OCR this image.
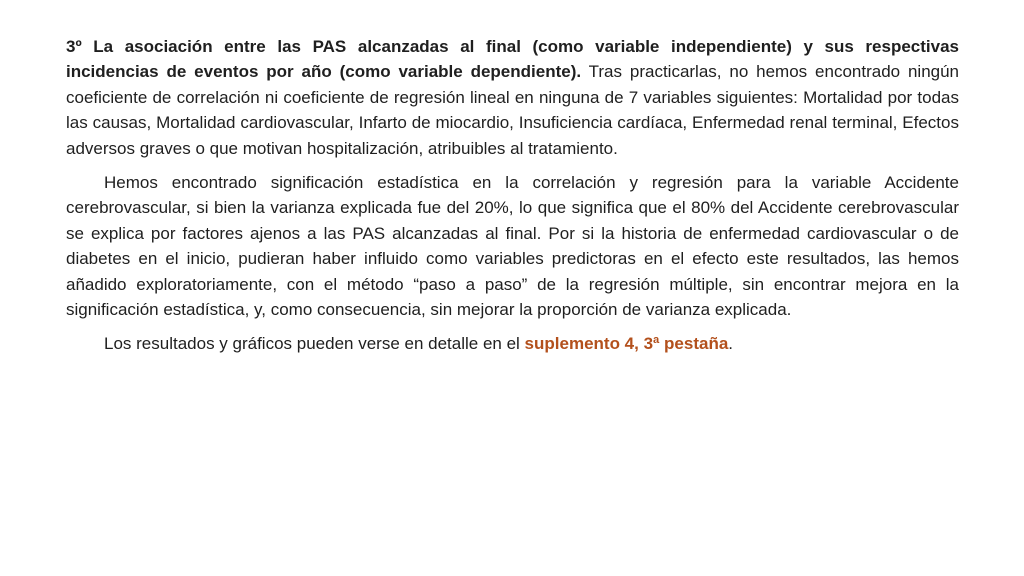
3º La asociación entre las PAS alcanzadas al final (como variable independiente) y sus respectivas incidencias de eventos por año (como variable dependiente). Tras practicarlas, no hemos encontrado ningún coeficiente de correlación ni coeficiente de regresión lineal en ninguna de 7 variables siguientes: Mortalidad por todas las causas, Mortalidad cardiovascular, Infarto de miocardio, Insuficiencia cardíaca, Enfermedad renal terminal, Efectos adversos graves o que motivan hospitalización, atribuibles al tratamiento.

Hemos encontrado significación estadística en la correlación y regresión para la variable Accidente cerebrovascular, si bien la varianza explicada fue del 20%, lo que significa que el 80% del Accidente cerebrovascular se explica por factores ajenos a las PAS alcanzadas al final. Por si la historia de enfermedad cardiovascular o de diabetes en el inicio, pudieran haber influido como variables predictoras en el efecto este resultados, las hemos añadido exploratoriamente, con el método “paso a paso” de la regresión múltiple, sin encontrar mejora en la significación estadística, y, como consecuencia, sin mejorar la proporción de varianza explicada.

Los resultados y gráficos pueden verse en detalle en el suplemento 4, 3ª pestaña.
